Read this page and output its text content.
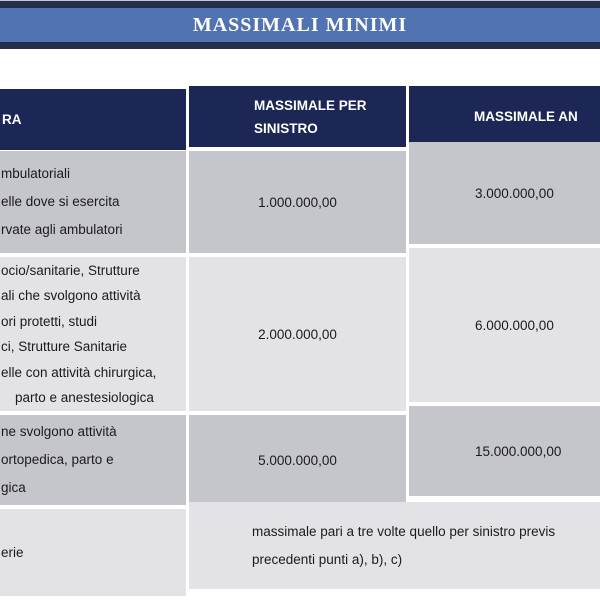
MASSIMALI MINIMI
RA
MASSIMALE PER
SINISTRO
MASSIMALE AN
mbulatoriali
elle dove si esercita
rvate agli ambulatori
1.000.000,00
3.000.000,00
ocio/sanitarie, Strutture
ali che svolgono attività
ori protetti, studi
ci, Strutture Sanitarie
elle con attività chirurgica,
parto e anestesiologica
2.000.000,00
6.000.000,00
ne svolgono attività
ortopedica, parto e
gica
5.000.000,00
15.000.000,00
erie
massimale pari a tre volte quello per sinistro previs
precedenti punti a), b), c)
